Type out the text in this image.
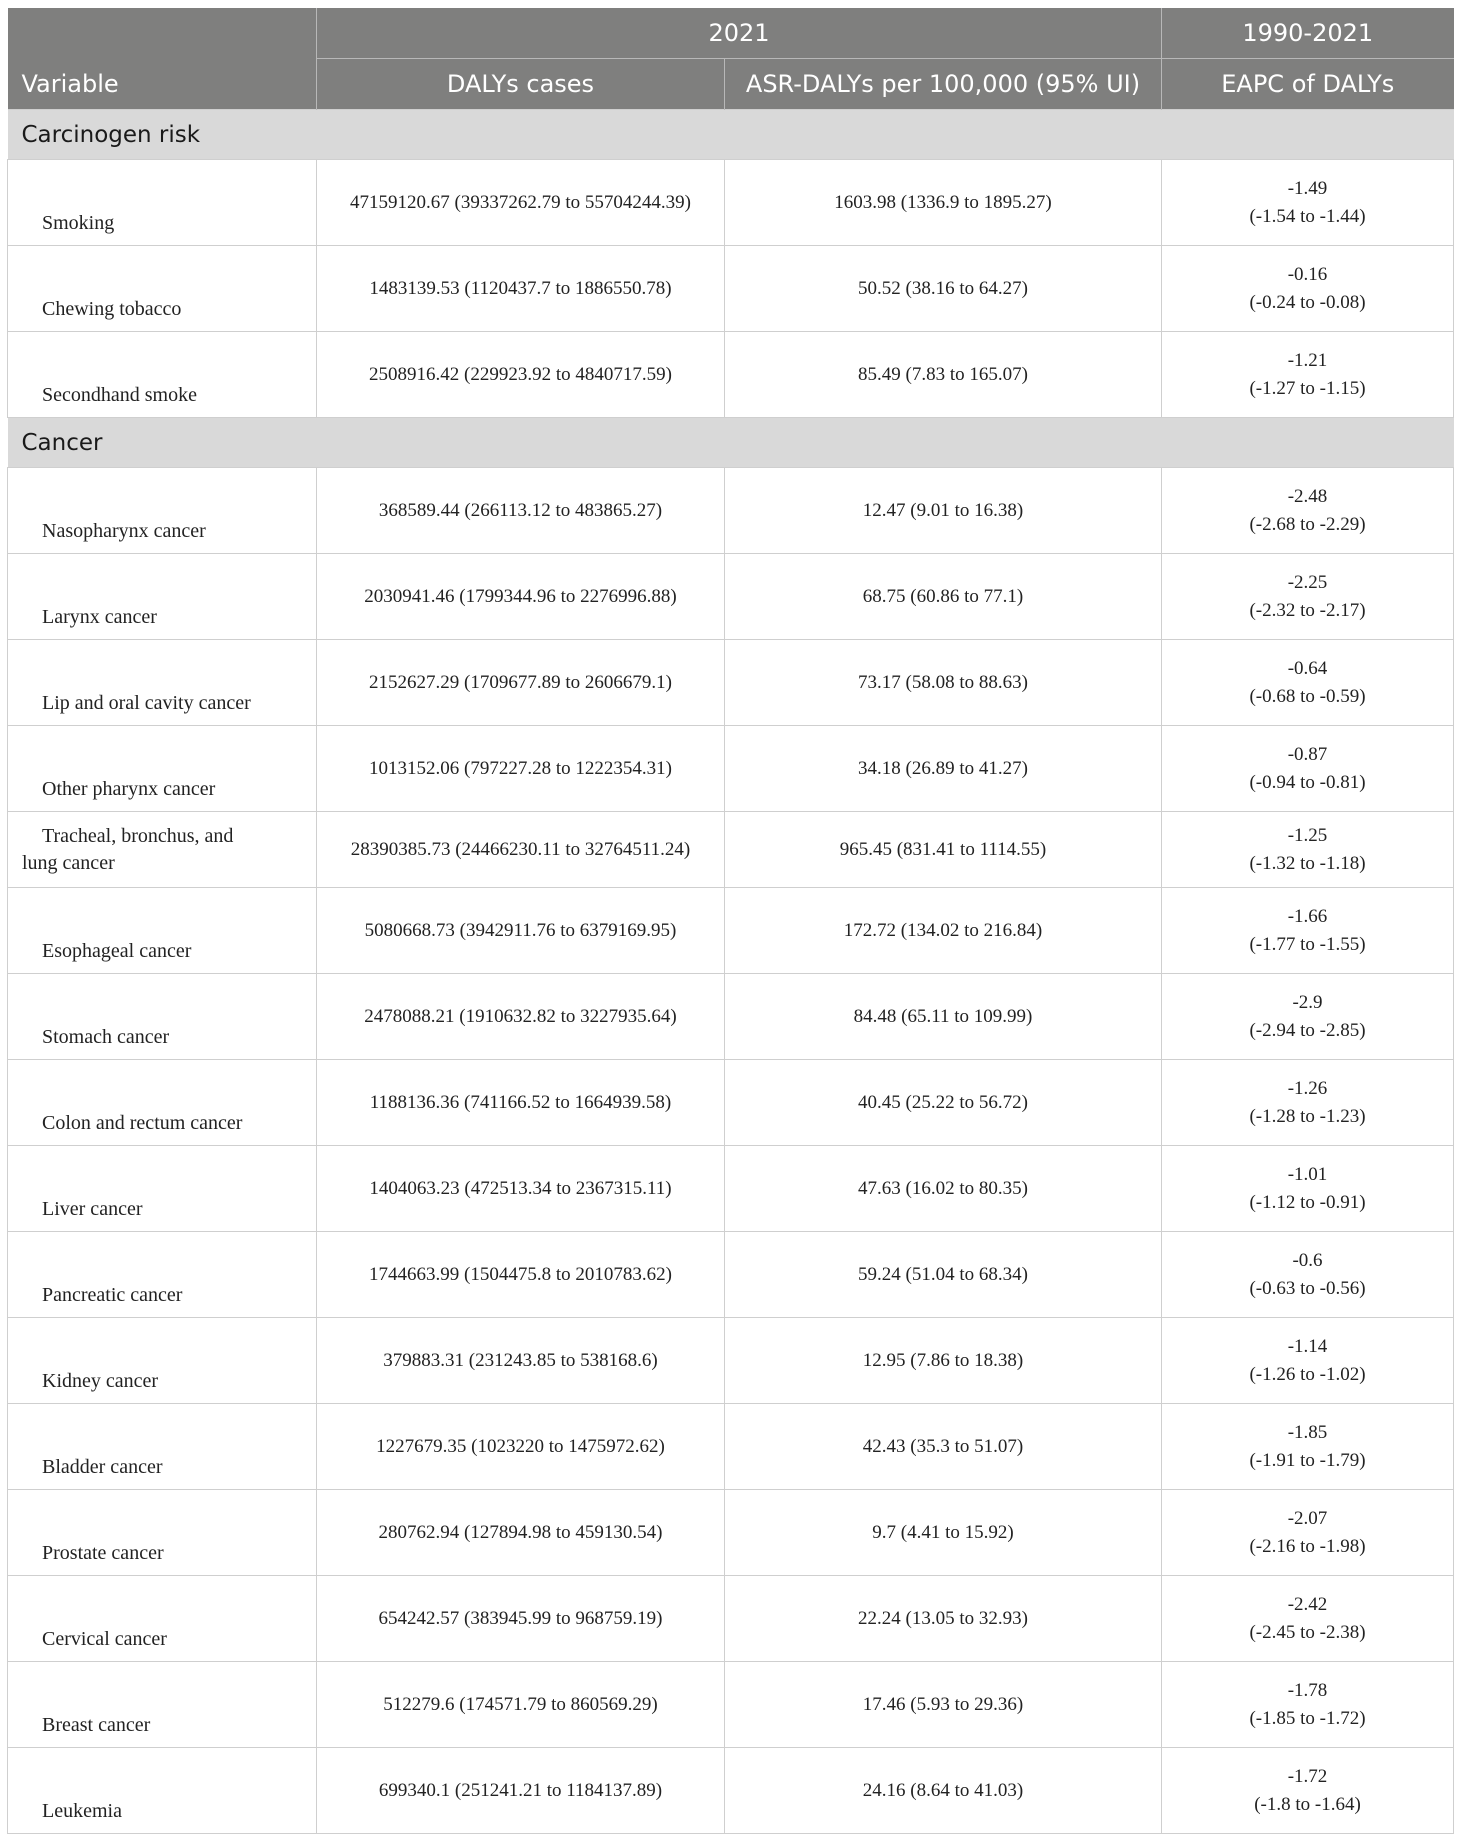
Variable	2021		1990-2021
	DALYs cases	ASR-DALYs per 100,000 (95% UI)	EAPC of DALYs
Carcinogen risk			
Smoking	47159120.67 (39337262.79 to 55704244.39)	1603.98 (1336.9 to 1895.27)	-1.49
(-1.54 to -1.44)

Chewing tobacco	1483139.53 (1120437.7 to 1886550.78)	50.52 (38.16 to 64.27)	-0.16
(-0.24 to -0.08)

Secondhand smoke	2508916.42 (229923.92 to 4840717.59)	85.49 (7.83 to 165.07)	-1.21
(-1.27 to -1.15)

Cancer			
Nasopharynx cancer	368589.44 (266113.12 to 483865.27)	12.47 (9.01 to 16.38)	-2.48
(-2.68 to -2.29)

Larynx cancer	2030941.46 (1799344.96 to 2276996.88)	68.75 (60.86 to 77.1)	-2.25
(-2.32 to -2.17)

Lip and oral cavity cancer	2152627.29 (1709677.89 to 2606679.1)	73.17 (58.08 to 88.63)	-0.64
(-0.68 to -0.59)

Other pharynx cancer	1013152.06 (797227.28 to 1222354.31)	34.18 (26.89 to 41.27)	-0.87
(-0.94 to -0.81)

Tracheal, bronchus, and
lung cancer	28390385.73 (24466230.11 to 32764511.24)	965.45 (831.41 to 1114.55)	-1.25
(-1.32 to -1.18)

Esophageal cancer	5080668.73 (3942911.76 to 6379169.95)	172.72 (134.02 to 216.84)	-1.66
(-1.77 to -1.55)

Stomach cancer	2478088.21 (1910632.82 to 3227935.64)	84.48 (65.11 to 109.99)	-2.9
(-2.94 to -2.85)

Colon and rectum cancer	1188136.36 (741166.52 to 1664939.58)	40.45 (25.22 to 56.72)	-1.26
(-1.28 to -1.23)

Liver cancer	1404063.23 (472513.34 to 2367315.11)	47.63 (16.02 to 80.35)	-1.01
(-1.12 to -0.91)

Pancreatic cancer	1744663.99 (1504475.8 to 2010783.62)	59.24 (51.04 to 68.34)	-0.6
(-0.63 to -0.56)

Kidney cancer	379883.31 (231243.85 to 538168.6)	12.95 (7.86 to 18.38)	-1.14
(-1.26 to -1.02)

Bladder cancer	1227679.35 (1023220 to 1475972.62)	42.43 (35.3 to 51.07)	-1.85
(-1.91 to -1.79)

Prostate cancer	280762.94 (127894.98 to 459130.54)	9.7 (4.41 to 15.92)	-2.07
(-2.16 to -1.98)

Cervical cancer	654242.57 (383945.99 to 968759.19)	22.24 (13.05 to 32.93)	-2.42
(-2.45 to -2.38)

Breast cancer	512279.6 (174571.79 to 860569.29)	17.46 (5.93 to 29.36)	-1.78
(-1.85 to -1.72)

Leukemia	699340.1 (251241.21 to 1184137.89)	24.16 (8.64 to 41.03)	-1.72
(-1.8 to -1.64)
